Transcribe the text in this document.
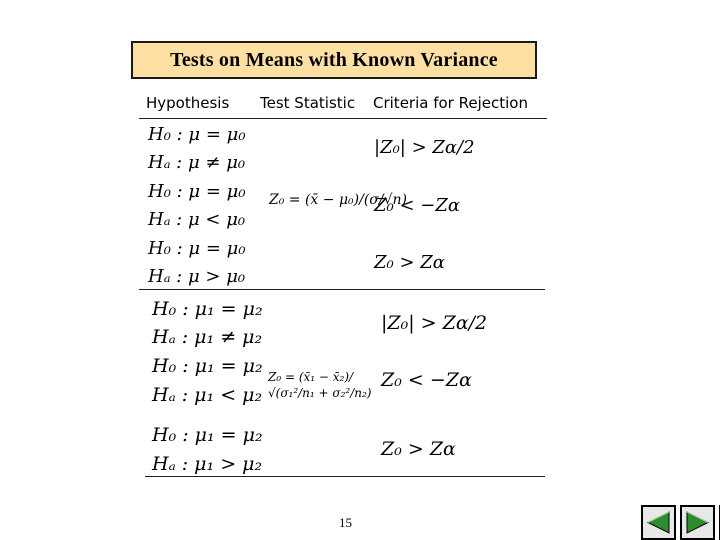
Tests on Means with Known Variance
Hypothesis Test Statistic Criteria for Rejection
H₀ : μ = μ₀
Hₐ : μ ≠ μ₀
H₀ : μ = μ₀
Hₐ : μ < μ₀
H₀ : μ = μ₀
Hₐ : μ > μ₀
Z₀ = (x̄ − μ₀)/(σ/√n)
|Z₀| > Zα/2
Z₀ < −Zα
Z₀ > Zα
H₀ : μ₁ = μ₂
Hₐ : μ₁ ≠ μ₂
H₀ : μ₁ = μ₂
Hₐ : μ₁ < μ₂
H₀ : μ₁ = μ₂
Hₐ : μ₁ > μ₂
Z₀ = (x̄₁ − x̄₂)/√(σ₁²/n₁ + σ₂²/n₂)
|Z₀| > Zα/2
Z₀ < −Zα
Z₀ > Zα
15
